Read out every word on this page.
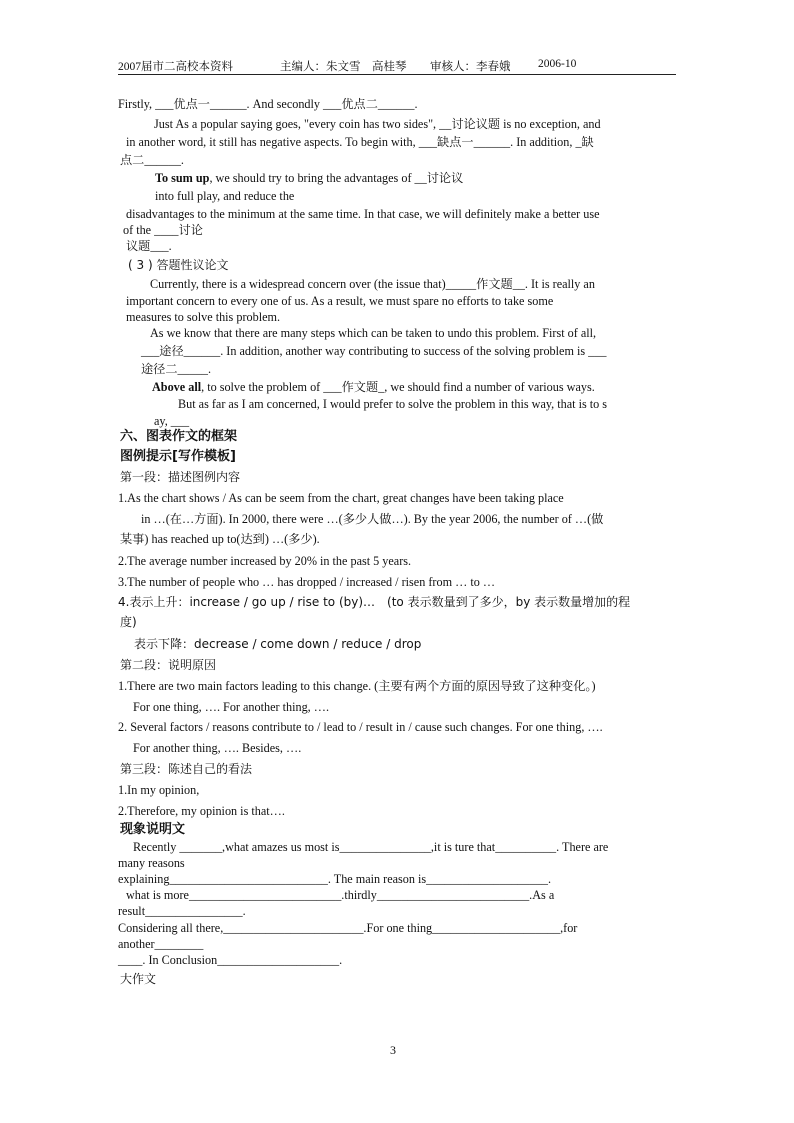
2007届市二高校本资料	主编人：朱文雪　高桂琴 审核人：李春娥 2006-10
Firstly, ___优点一______. And secondly ___优点二______.
Just As a popular saying goes, "every coin has two sides", __讨论议题 is no exception, and
in another word, it still has negative aspects. To begin with, ___缺点一______. In addition, _缺
点二______.
To sum up, we should try to bring the advantages of __讨论议
into full play, and reduce the
disadvantages to the minimum at the same time. In that case, we will definitely make a better use
of the ____讨论
议题___.
( 3 ) 答题性议论文
Currently, there is a widespread concern over (the issue that)_____作文题__. It is really an
important concern to every one of us. As a result, we must spare no efforts to take some
measures to solve this problem.
As we know that there are many steps which can be taken to undo this problem. First of all,
___途径______. In addition, another way contributing to success of the solving problem is ___
途径二_____.
Above all, to solve the problem of ___作文题_, we should find a number of various ways.
But as far as I am concerned, I would prefer to solve the problem in this way, that is to s
ay, ___
六、图表作文的框架
图例提示[写作模板]
第一段：描述图例内容
1.As the chart shows / As can be seem from the chart, great changes have been taking place
in …(在…方面). In 2000, there were …(多少人做…). By the year 2006, the number of …(做
某事) has reached up to(达到) …(多少).
2.The average number increased by 20% in the past 5 years.
3.The number of people who … has dropped / increased / risen from … to …
4.表示上升：increase / go up / rise to (by)…　(to 表示数量到了多少，by 表示数量增加的程
度)
表示下降：decrease / come down / reduce / drop
第二段：说明原因
1.There are two main factors leading to this change. (主要有两个方面的原因导致了这种变化。)
For one thing, …. For another thing, ….
2. Several factors / reasons contribute to / lead to / result in / cause such changes. For one thing, ….
For another thing, …. Besides, ….
第三段：陈述自己的看法
1.In my opinion,
2.Therefore, my opinion is that….
现象说明文
Recently _______,what amazes us most is_______________,it is ture that__________. There are
many reasons
explaining__________________________. The main reason is____________________.
what is more_________________________.thirdly_________________________.As a
result________________.
Considering all there,_______________________.For one thing_____________________,for
another________
____. In Conclusion____________________.
大作文
3
